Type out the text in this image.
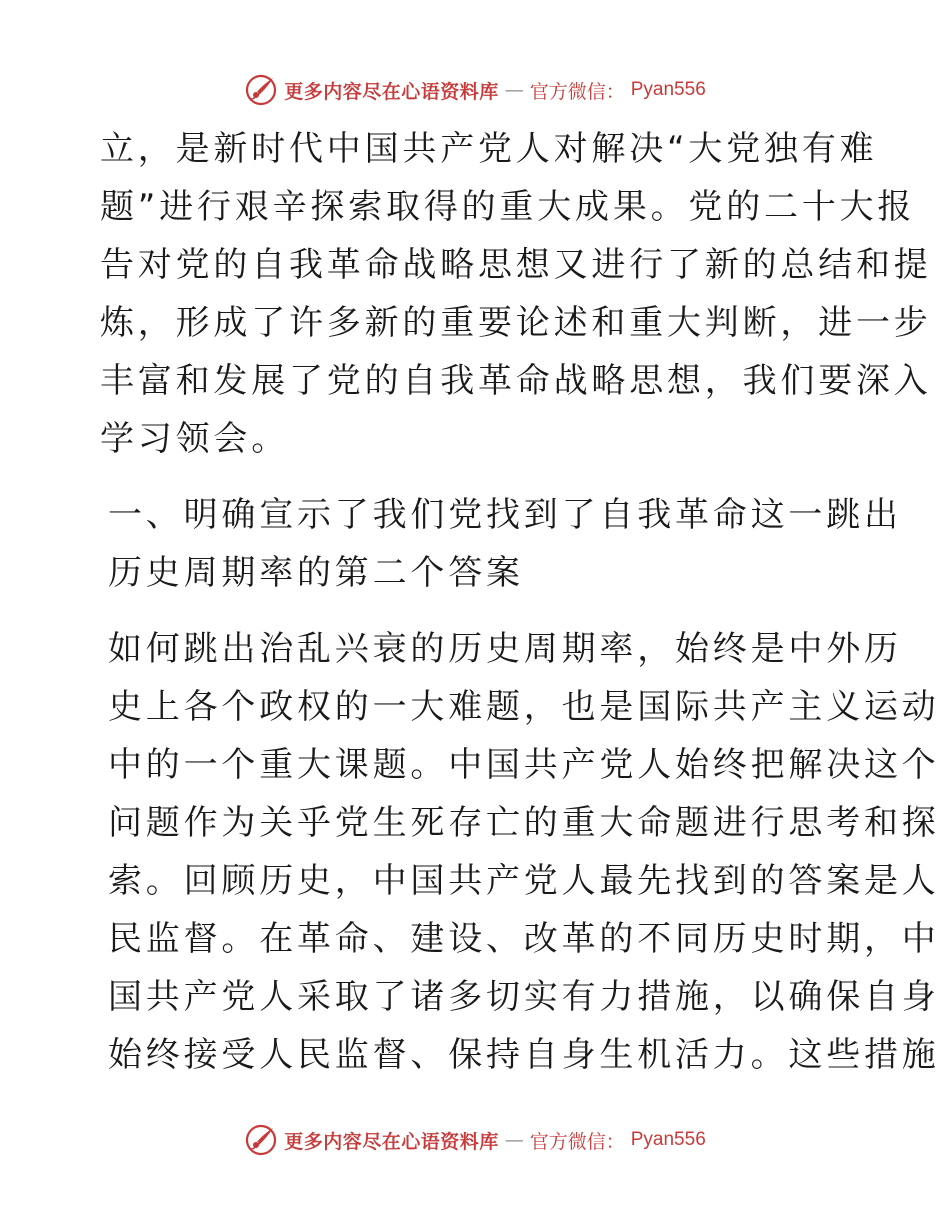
更多内容尽在心语资料库 — 官方微信： Pyan556

立，是新时代中国共产党人对解决“大党独有难
题”进行艰辛探索取得的重大成果。党的二十大报
告对党的自我革命战略思想又进行了新的总结和提
炼，形成了许多新的重要论述和重大判断，进一步
丰富和发展了党的自我革命战略思想，我们要深入
学习领会。

一、明确宣示了我们党找到了自我革命这一跳出
历史周期率的第二个答案

如何跳出治乱兴衰的历史周期率，始终是中外历
史上各个政权的一大难题，也是国际共产主义运动
中的一个重大课题。中国共产党人始终把解决这个
问题作为关乎党生死存亡的重大命题进行思考和探
索。回顾历史，中国共产党人最先找到的答案是人
民监督。在革命、建设、改革的不同历史时期，中
国共产党人采取了诸多切实有力措施，以确保自身
始终接受人民监督、保持自身生机活力。这些措施

更多内容尽在心语资料库 — 官方微信： Pyan556
